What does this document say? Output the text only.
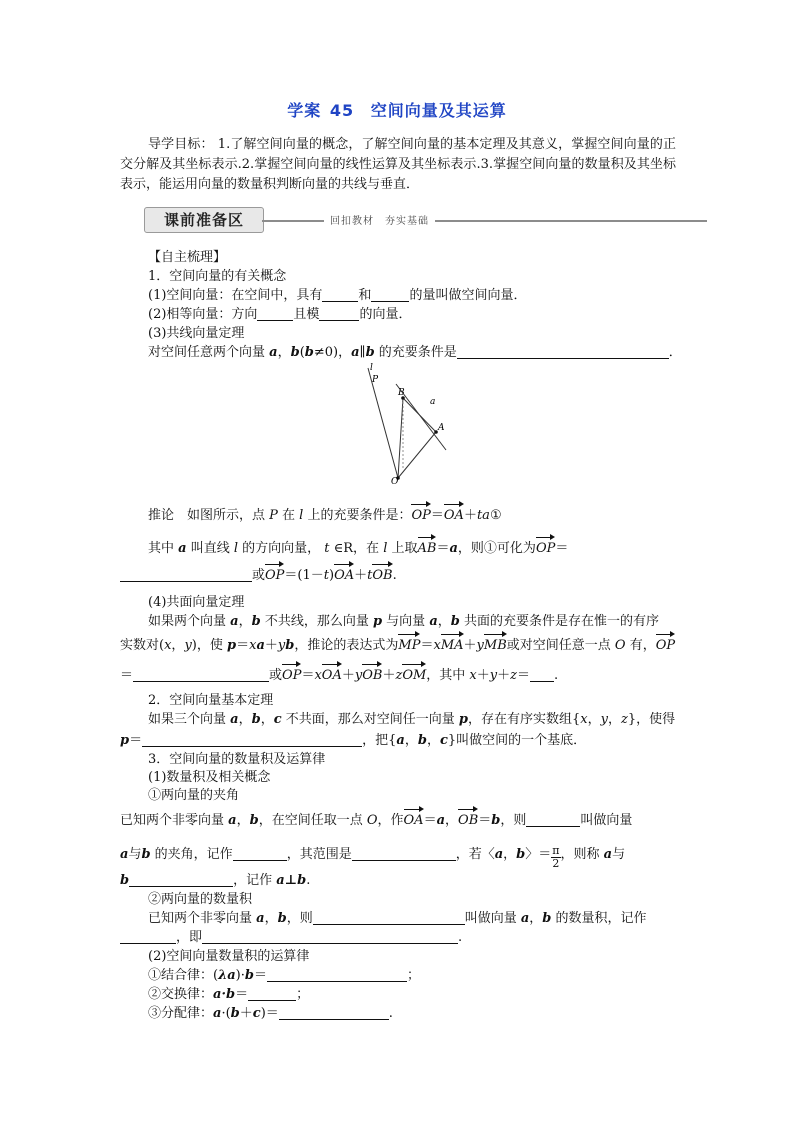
学案 45 空间向量及其运算
导学目标： 1.了解空间向量的概念，了解空间向量的基本定理及其意义，掌握空间向量的正交分解及其坐标表示.2.掌握空间向量的线性运算及其坐标表示.3.掌握空间向量的数量积及其坐标表示，能运用向量的数量积判断向量的共线与垂直．
课前准备区	回扣教材　夯实基础
【自主梳理】
1．空间向量的有关概念
(1)空间向量：在空间中，具有	和	的量叫做空间向量．
(2)相等向量：方向	且模	的向量．
(3)共线向量定理
对空间任意两个向量 a，b(b≠0)，a∥b 的充要条件是	．
l
P
B
a
A
O
推论　如图所示，点 P 在 l 上的充要条件是：OP＝OA＋ta①
其中 a 叫直线 l 的方向向量， t ∈R，在 l 上取AB＝a，则①可化为OP＝
或OP＝(1－t)OA＋tOB.
(4)共面向量定理
如果两个向量 a，b 不共线，那么向量 p 与向量 a，b 共面的充要条件是存在惟一的有序
实数对(x，y)，使 p＝xa＋yb，推论的表达式为MP＝xMA＋yMB或对空间任意一点 O 有，OP
＝	或OP＝xOA＋yOB＋zOM，其中 x＋y＋z＝ .
2．空间向量基本定理
如果三个向量 a，b，c 不共面，那么对空间任一向量 p，存在有序实数组{x，y，z}，使得
p＝	，把{a，b，c}叫做空间的一个基底．
3．空间向量的数量积及运算律
(1)数量积及相关概念
①两向量的夹角
已知两个非零向量 a，b，在空间任取一点 O，作OA＝a，OB＝b，则	叫做向量
a与b 的夹角，记作	，其范围是	，若〈a，b〉＝ $\frac{\pi}{2}$ ，则称 a与
b	，记作 a⊥b.
②两向量的数量积
已知两个非零向量 a，b，则	叫做向量 a，b 的数量积，记作
，即	.
(2)空间向量数量积的运算律
①结合律：(λa)·b＝	；
②交换律：a·b＝	；
③分配律：a·(b＋c)＝	.
